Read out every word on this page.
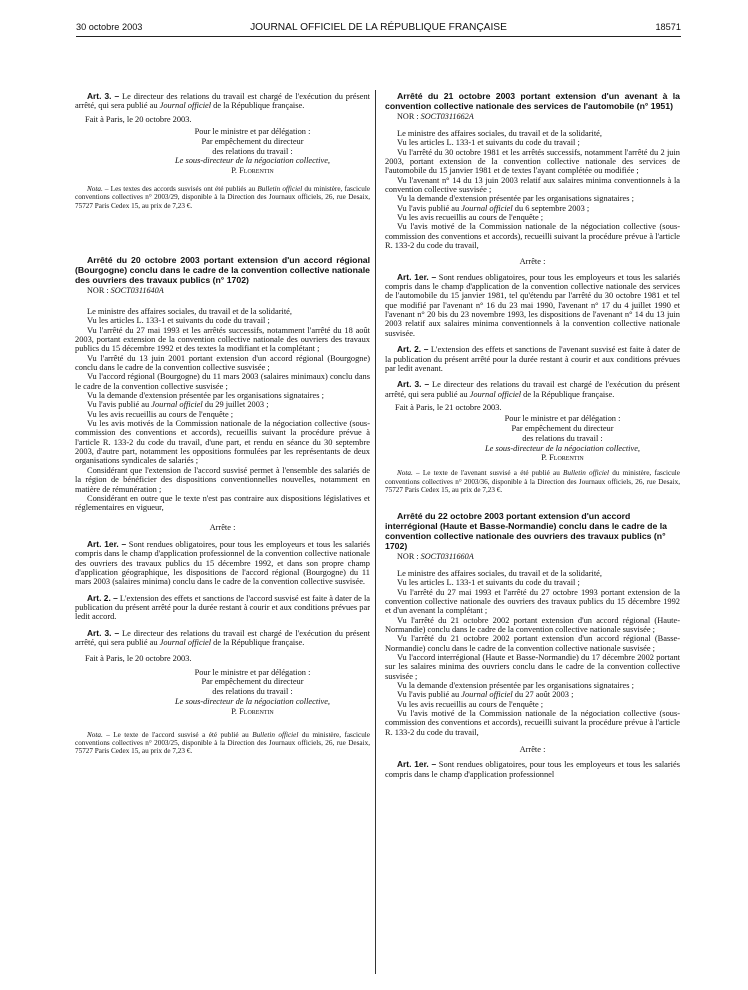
30 octobre 2003	JOURNAL OFFICIEL DE LA RÉPUBLIQUE FRANÇAISE	18571

Art. 3. – Le directeur des relations du travail est chargé de l'exécution du présent arrêté, qui sera publié au Journal officiel de la République française.

Fait à Paris, le 20 octobre 2003.

Pour le ministre et par délégation :

Par empêchement du directeur

des relations du travail :

Le sous-directeur de la négociation collective,

P. Florentin

Nota. – Les textes des accords susvisés ont été publiés au Bulletin officiel du ministère, fascicule conventions collectives n° 2003/29, disponible à la Direction des Journaux officiels, 26, rue Desaix, 75727 Paris Cedex 15, au prix de 7,23 €.

Arrêté du 20 octobre 2003 portant extension d'un accord régional (Bourgogne) conclu dans le cadre de la convention collective nationale des ouvriers des travaux publics (n° 1702)

NOR : SOCT0311640A

Le ministre des affaires sociales, du travail et de la solidarité,

Vu les articles L. 133-1 et suivants du code du travail ;

Vu l'arrêté du 27 mai 1993 et les arrêtés successifs, notamment l'arrêté du 18 août 2003, portant extension de la convention collective nationale des ouvriers des travaux publics du 15 décembre 1992 et des textes la modifiant et la complétant ;

Vu l'arrêté du 13 juin 2001 portant extension d'un accord régional (Bourgogne) conclu dans le cadre de la convention collective susvisée ;

Vu l'accord régional (Bourgogne) du 11 mars 2003 (salaires minimaux) conclu dans le cadre de la convention collective susvisée ;

Vu la demande d'extension présentée par les organisations signataires ;

Vu l'avis publié au Journal officiel du 29 juillet 2003 ;

Vu les avis recueillis au cours de l'enquête ;

Vu les avis motivés de la Commission nationale de la négociation collective (sous-commission des conventions et accords), recueillis suivant la procédure prévue à l'article R. 133-2 du code du travail, d'une part, et rendu en séance du 30 septembre 2003, d'autre part, notamment les oppositions formulées par les représentants de deux organisations syndicales de salariés ;

Considérant que l'extension de l'accord susvisé permet à l'ensemble des salariés de la région de bénéficier des dispositions conventionnelles nouvelles, notamment en matière de rémunération ;

Considérant en outre que le texte n'est pas contraire aux dispositions législatives et réglementaires en vigueur,

Arrête :

Art. 1er. – Sont rendues obligatoires, pour tous les employeurs et tous les salariés compris dans le champ d'application professionnel de la convention collective nationale des ouvriers des travaux publics du 15 décembre 1992, et dans son propre champ d'application géographique, les dispositions de l'accord régional (Bourgogne) du 11 mars 2003 (salaires minima) conclu dans le cadre de la convention collective susvisée.

Art. 2. – L'extension des effets et sanctions de l'accord susvisé est faite à dater de la publication du présent arrêté pour la durée restant à courir et aux conditions prévues par ledit accord.

Art. 3. – Le directeur des relations du travail est chargé de l'exécution du présent arrêté, qui sera publié au Journal officiel de la République française.

Fait à Paris, le 20 octobre 2003.

Pour le ministre et par délégation :

Par empêchement du directeur

des relations du travail :

Le sous-directeur de la négociation collective,

P. Florentin

Nota. – Le texte de l'accord susvisé a été publié au Bulletin officiel du ministère, fascicule conventions collectives n° 2003/25, disponible à la Direction des Journaux officiels, 26, rue Desaix, 75727 Paris Cedex 15, au prix de 7,23 €.

Arrêté du 21 octobre 2003 portant extension d'un avenant à la convention collective nationale des services de l'automobile (n° 1951)

NOR : SOCT0311662A

Le ministre des affaires sociales, du travail et de la solidarité,

Vu les articles L. 133-1 et suivants du code du travail ;

Vu l'arrêté du 30 octobre 1981 et les arrêtés successifs, notamment l'arrêté du 2 juin 2003, portant extension de la convention collective nationale des services de l'automobile du 15 janvier 1981 et de textes l'ayant complétée ou modifiée ;

Vu l'avenant n° 14 du 13 juin 2003 relatif aux salaires minima conventionnels à la convention collective susvisée ;

Vu la demande d'extension présentée par les organisations signataires ;

Vu l'avis publié au Journal officiel du 6 septembre 2003 ;

Vu les avis recueillis au cours de l'enquête ;

Vu l'avis motivé de la Commission nationale de la négociation collective (sous-commission des conventions et accords), recueilli suivant la procédure prévue à l'article R. 133-2 du code du travail,

Arrête :

Art. 1er. – Sont rendues obligatoires, pour tous les employeurs et tous les salariés compris dans le champ d'application de la convention collective nationale des services de l'automobile du 15 janvier 1981, tel qu'étendu par l'arrêté du 30 octobre 1981 et tel que modifié par l'avenant n° 16 du 23 mai 1990, l'avenant n° 17 du 4 juillet 1990 et l'avenant n° 20 bis du 23 novembre 1993, les dispositions de l'avenant n° 14 du 13 juin 2003 relatif aux salaires minima conventionnels à la convention collective nationale susvisée.

Art. 2. – L'extension des effets et sanctions de l'avenant susvisé est faite à dater de la publication du présent arrêté pour la durée restant à courir et aux conditions prévues par ledit avenant.

Art. 3. – Le directeur des relations du travail est chargé de l'exécution du présent arrêté, qui sera publié au Journal officiel de la République française.

Fait à Paris, le 21 octobre 2003.

Pour le ministre et par délégation :

Par empêchement du directeur

des relations du travail :

Le sous-directeur de la négociation collective,

P. Florentin

Nota. – Le texte de l'avenant susvisé a été publié au Bulletin officiel du ministère, fascicule conventions collectives n° 2003/36, disponible à la Direction des Journaux officiels, 26, rue Desaix, 75727 Paris Cedex 15, au prix de 7,23 €.

Arrêté du 22 octobre 2003 portant extension d'un accord interrégional (Haute et Basse-Normandie) conclu dans le cadre de la convention collective nationale des ouvriers des travaux publics (n° 1702)

NOR : SOCT0311660A

Le ministre des affaires sociales, du travail et de la solidarité,

Vu les articles L. 133-1 et suivants du code du travail ;

Vu l'arrêté du 27 mai 1993 et l'arrêté du 27 octobre 1993 portant extension de la convention collective nationale des ouvriers des travaux publics du 15 décembre 1992 et d'un avenant la complétant ;

Vu l'arrêté du 21 octobre 2002 portant extension d'un accord régional (Haute-Normandie) conclu dans le cadre de la convention collective nationale susvisée ;

Vu l'arrêté du 21 octobre 2002 portant extension d'un accord régional (Basse-Normandie) conclu dans le cadre de la convention collective nationale susvisée ;

Vu l'accord interrégional (Haute et Basse-Normandie) du 17 décembre 2002 portant sur les salaires minima des ouvriers conclu dans le cadre de la convention collective susvisée ;

Vu la demande d'extension présentée par les organisations signataires ;

Vu l'avis publié au Journal officiel du 27 août 2003 ;

Vu les avis recueillis au cours de l'enquête ;

Vu l'avis motivé de la Commission nationale de la négociation collective (sous-commission des conventions et accords), recueilli suivant la procédure prévue à l'article R. 133-2 du code du travail,

Arrête :

Art. 1er. – Sont rendues obligatoires, pour tous les employeurs et tous les salariés compris dans le champ d'application professionnel
